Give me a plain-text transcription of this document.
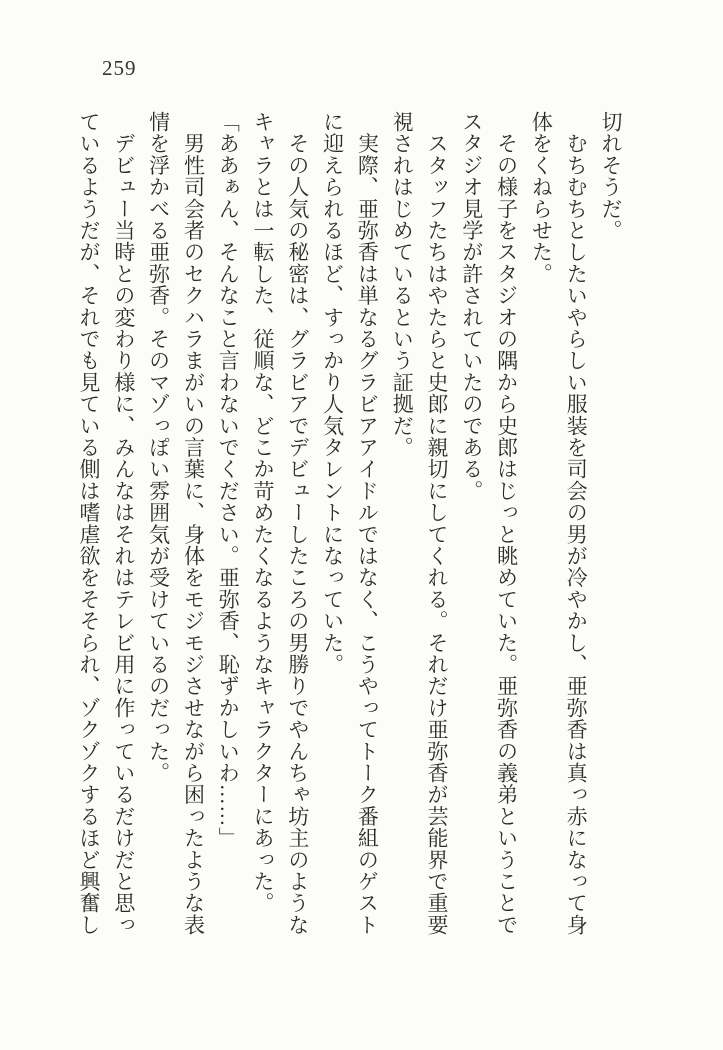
259
切れそうだ。
　むちむちとしたいやらしい服装を司会の男が冷やかし、亜弥香は真っ赤になって身
体をくねらせた。
　その様子をスタジオの隅から史郎はじっと眺めていた。亜弥香の義弟ということで
スタジオ見学が許されていたのである。
　スタッフたちはやたらと史郎に親切にしてくれる。それだけ亜弥香が芸能界で重要
視されはじめているという証拠だ。
　実際、亜弥香は単なるグラビアアイドルではなく、こうやってトーク番組のゲスト
に迎えられるほど、すっかり人気タレントになっていた。
　その人気の秘密は、グラビアでデビューしたころの男勝りでやんちゃ坊主のような
キャラとは一転した、従順な、どこか苛めたくなるようなキャラクターにあった。
「ああぁん、そんなこと言わないでください。亜弥香、恥ずかしいわ……」
　男性司会者のセクハラまがいの言葉に、身体をモジモジさせながら困ったような表
情を浮かべる亜弥香。そのマゾっぽい雰囲気が受けているのだった。
　デビュー当時との変わり様に、みんなはそれはテレビ用に作っているだけだと思っ
ているようだが、それでも見ている側は嗜虐欲をそそられ、ゾクゾクするほど興奮し
